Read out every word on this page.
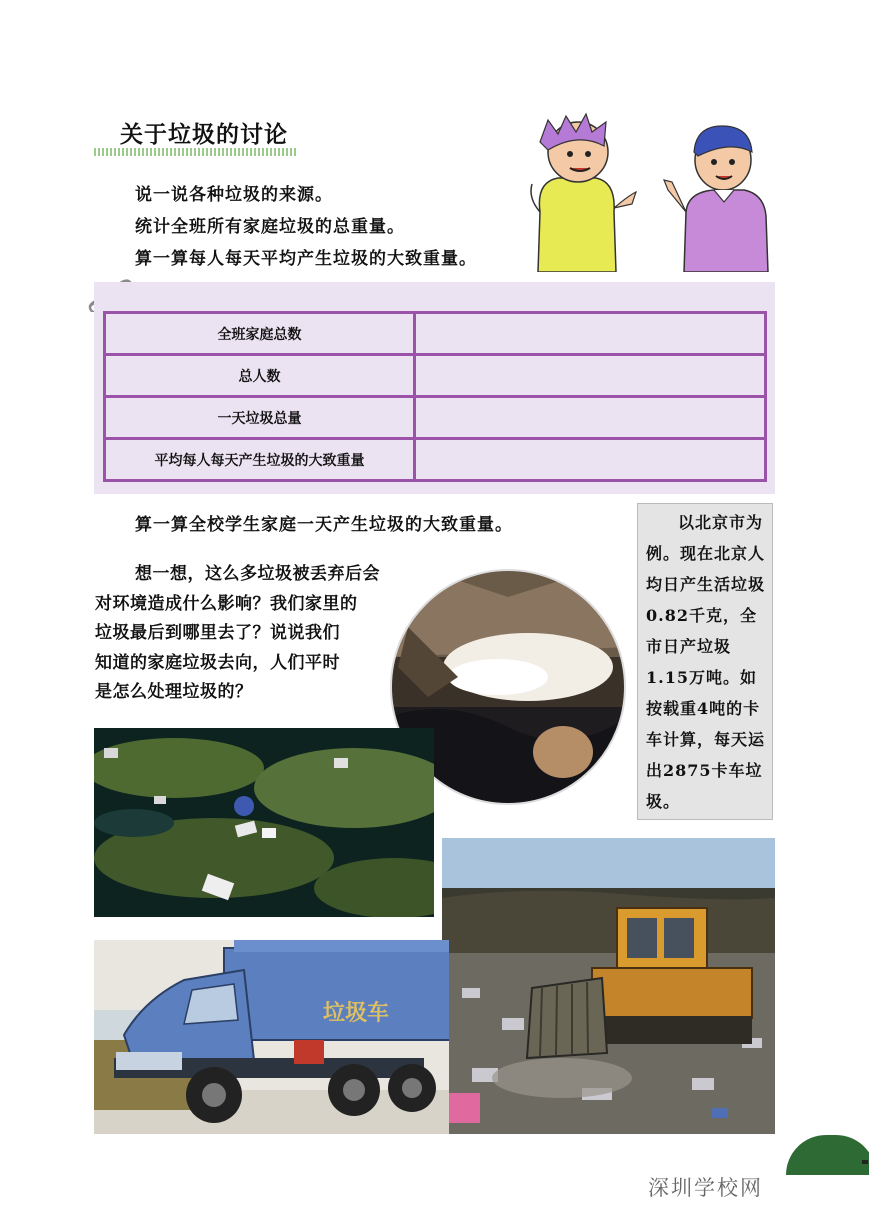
关于垃圾的讨论
说一说各种垃圾的来源。
统计全班所有家庭垃圾的总重量。
算一算每人每天平均产生垃圾的大致重量。
全班家庭总数	
总人数	
一天垃圾总量	
平均每人每天产生垃圾的大致重量	
算一算全校学生家庭一天产生垃圾的大致重量。

想一想，这么多垃圾被丢弃后会

对环境造成什么影响？我们家里的

垃圾最后到哪里去了？说说我们

知道的家庭垃圾去向，人们平时

是怎么处理垃圾的？

以北京市为例。现在北京人均日产生活垃圾0.82千克，全市日产垃圾1.15万吨。如按载重4吨的卡车计算，每天运出2875卡车垃圾。

垃圾车
深圳学校网
